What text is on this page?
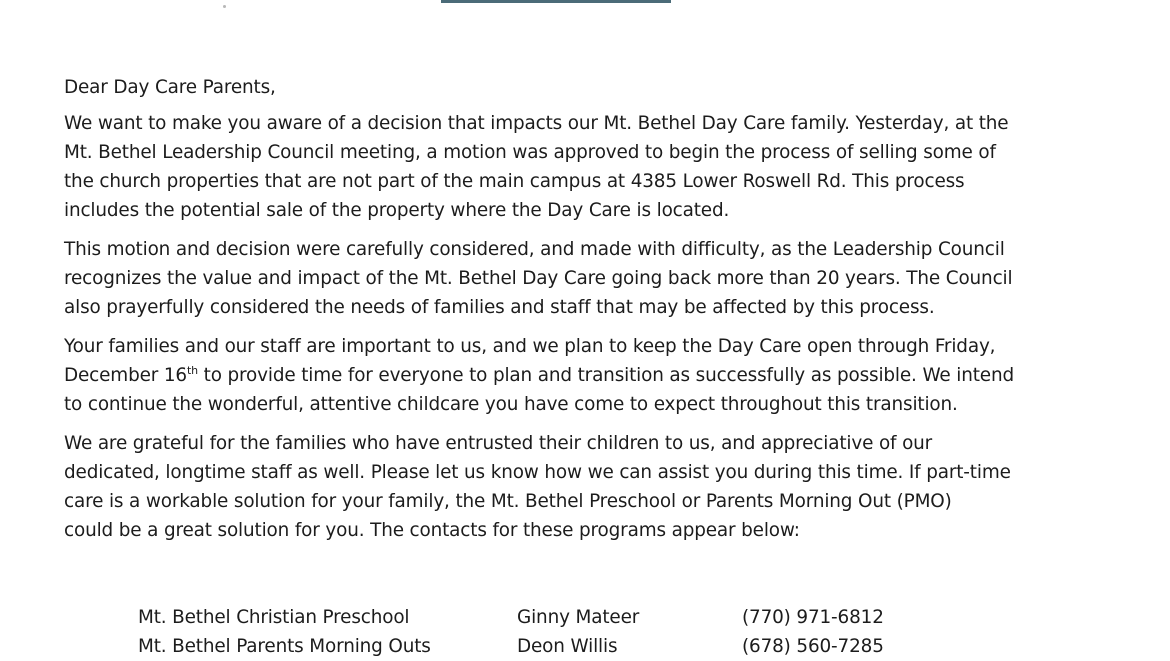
Dear Day Care Parents,

We want to make you aware of a decision that impacts our Mt. Bethel Day Care family. Yesterday, at the
Mt. Bethel Leadership Council meeting, a motion was approved to begin the process of selling some of
the church properties that are not part of the main campus at 4385 Lower Roswell Rd. This process
includes the potential sale of the property where the Day Care is located.

This motion and decision were carefully considered, and made with difficulty, as the Leadership Council
recognizes the value and impact of the Mt. Bethel Day Care going back more than 20 years. The Council
also prayerfully considered the needs of families and staff that may be affected by this process.

Your families and our staff are important to us, and we plan to keep the Day Care open through Friday,
December 16th to provide time for everyone to plan and transition as successfully as possible. We intend
to continue the wonderful, attentive childcare you have come to expect throughout this transition.

We are grateful for the families who have entrusted their children to us, and appreciative of our
dedicated, longtime staff as well. Please let us know how we can assist you during this time. If part-time
care is a workable solution for your family, the Mt. Bethel Preschool or Parents Morning Out (PMO)
could be a great solution for you. The contacts for these programs appear below:

Mt. Bethel Christian Preschool	Ginny Mateer	(770) 971-6812
Mt. Bethel Parents Morning Outs	Deon Willis	(678) 560-7285
